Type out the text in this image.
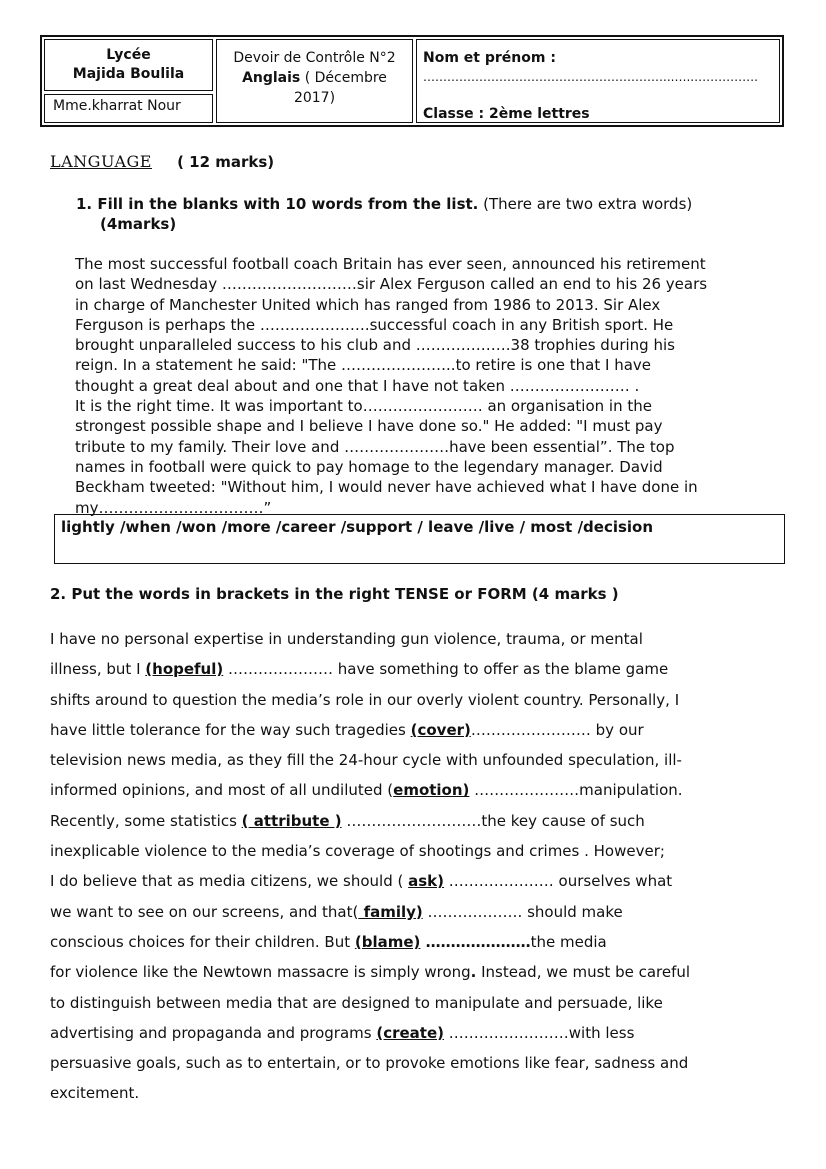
Lycée
Majida Boulila
Mme.kharrat Nour
Devoir de Contrôle N°2
Anglais ( Décembre
2017)
Nom et prénom :
……………………………………………………...…..…………….
Classe : 2ème lettres
LANGUAGE ( 12 marks)
1. Fill in the blanks with 10 words from the list. (There are two extra words)
(4marks)
The most successful football coach Britain has ever seen, announced his retirement
on last Wednesday ………………………sir Alex Ferguson called an end to his 26 years
in charge of Manchester United which has ranged from 1986 to 2013. Sir Alex
Ferguson is perhaps the ………………….successful coach in any British sport. He
brought unparalleled success to his club and ……………….38 trophies during his
reign. In a statement he said: "The …………………..to retire is one that I have
thought a great deal about and one that I have not taken …………………… .
It is the right time. It was important to…………………… an organisation in the
strongest possible shape and I believe I have done so." He added: "I must pay
tribute to my family. Their love and …………………have been essential”. The top
names in football were quick to pay homage to the legendary manager. David
Beckham tweeted: "Without him, I would never have achieved what I have done in
my……………………………”
lightly /when /won /more /career /support / leave /live / most /decision
2. Put the words in brackets in the right TENSE or FORM (4 marks )
I have no personal expertise in understanding gun violence, trauma, or mental
illness, but I (hopeful) ………………… have something to offer as the blame game
shifts around to question the media’s role in our overly violent country. Personally, I
have little tolerance for the way such tragedies (cover)…………………… by our
television news media, as they fill the 24-hour cycle with unfounded speculation, ill-
informed opinions, and most of all undiluted (emotion) …………………manipulation.
Recently, some statistics ( attribute ) ………………………the key cause of such
inexplicable violence to the media’s coverage of shootings and crimes . However;
I do believe that as media citizens, we should ( ask) ………………… ourselves what
we want to see on our screens, and that( family) ………………. should make
conscious choices for their children. But (blame) …………………the media
for violence like the Newtown massacre is simply wrong. Instead, we must be careful
to distinguish between media that are designed to manipulate and persuade, like
advertising and propaganda and programs (create) ……………………with less
persuasive goals, such as to entertain, or to provoke emotions like fear, sadness and
excitement.
